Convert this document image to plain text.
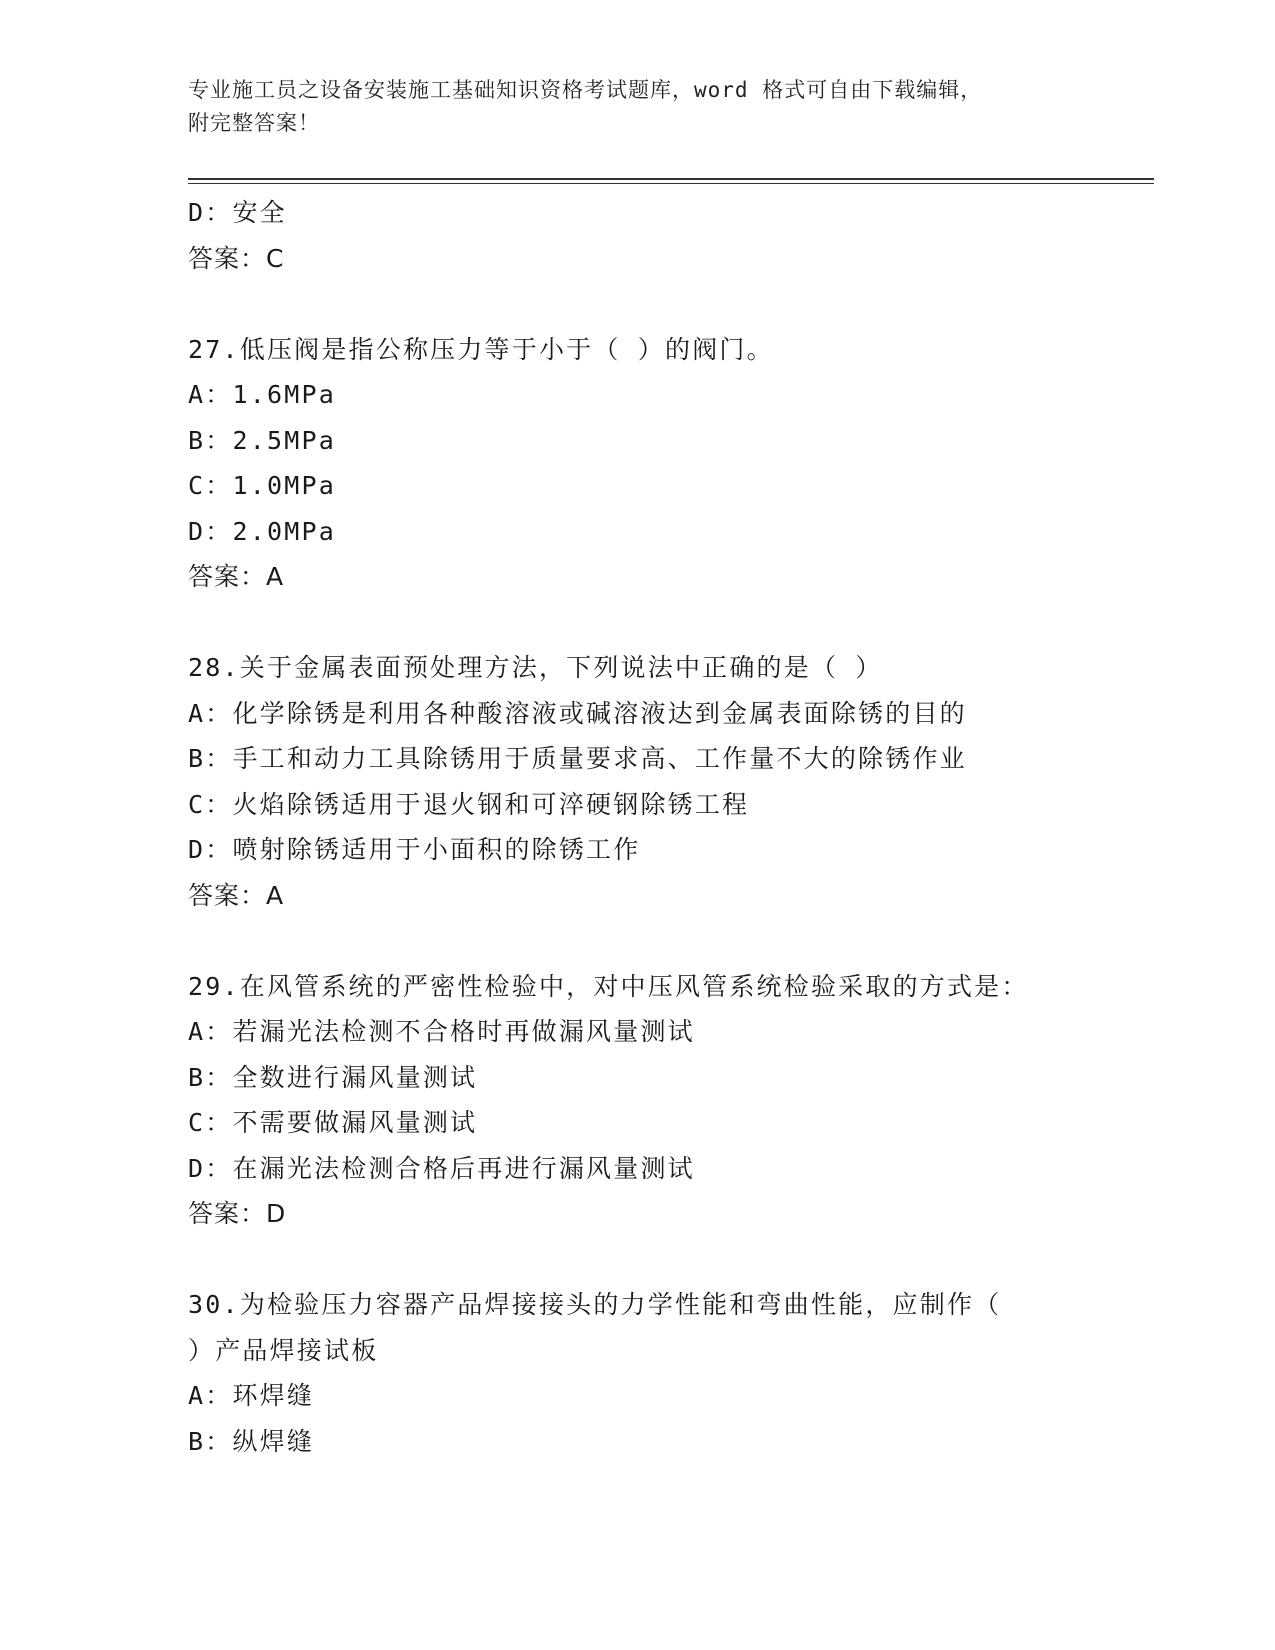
专业施工员之设备安装施工基础知识资格考试题库，word 格式可自由下载编辑，
附完整答案！
D：安全
答案：C
27.低压阀是指公称压力等于小于（ ）的阀门。
A：1.6MPa
B：2.5MPa
C：1.0MPa
D：2.0MPa
答案：A
28.关于金属表面预处理方法，下列说法中正确的是（ ）
A：化学除锈是利用各种酸溶液或碱溶液达到金属表面除锈的目的
B：手工和动力工具除锈用于质量要求高、工作量不大的除锈作业
C：火焰除锈适用于退火钢和可淬硬钢除锈工程
D：喷射除锈适用于小面积的除锈工作
答案：A
29.在风管系统的严密性检验中，对中压风管系统检验采取的方式是：
A：若漏光法检测不合格时再做漏风量测试
B：全数进行漏风量测试
C：不需要做漏风量测试
D：在漏光法检测合格后再进行漏风量测试
答案：D
30.为检验压力容器产品焊接接头的力学性能和弯曲性能，应制作（
）产品焊接试板
A：环焊缝
B：纵焊缝
